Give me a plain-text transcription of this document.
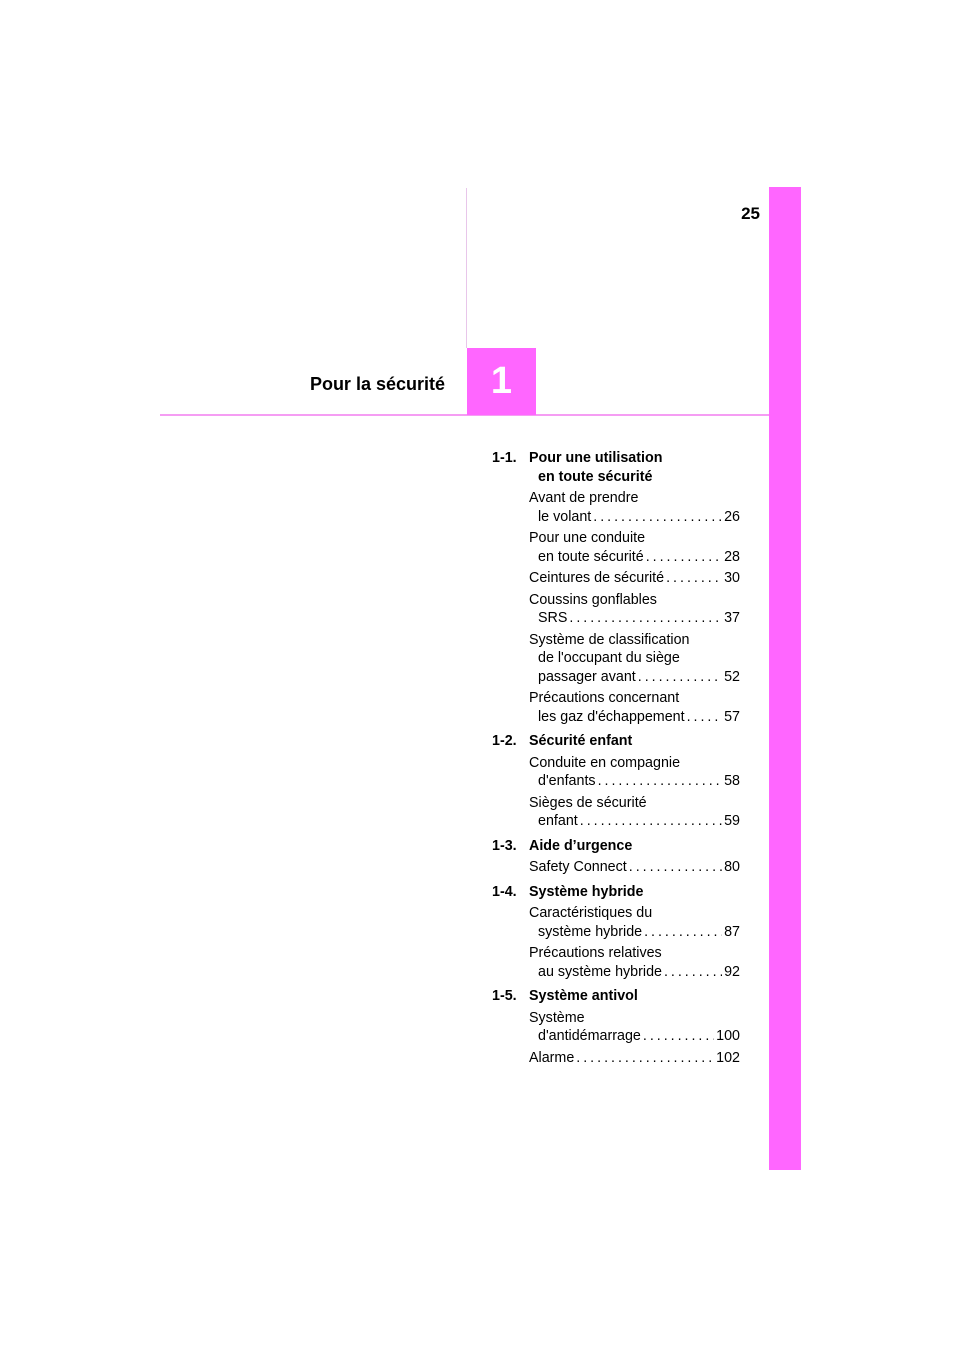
25
1
Pour la sécurité
1-1. Pour une utilisation
en toute sécurité
Avant de prendre
le volant . . .	26
Pour une conduite
en toute sécurité . . .	28
Ceintures de sécurité . . .	30
Coussins gonflables
SRS . . .	37
Système de classification
de l'occupant du siège
passager avant . . .	52
Précautions concernant
les gaz d'échappement . . .	57
1-2. Sécurité enfant
Conduite en compagnie
d'enfants . . .	58
Sièges de sécurité
enfant . . .	59
1-3. Aide d’urgence
Safety Connect . . .	80
1-4. Système hybride
Caractéristiques du
système hybride . . .	87
Précautions relatives
au système hybride . . .	92
1-5. Système antivol
Système
d'antidémarrage . . .	100
Alarme . . .	102
